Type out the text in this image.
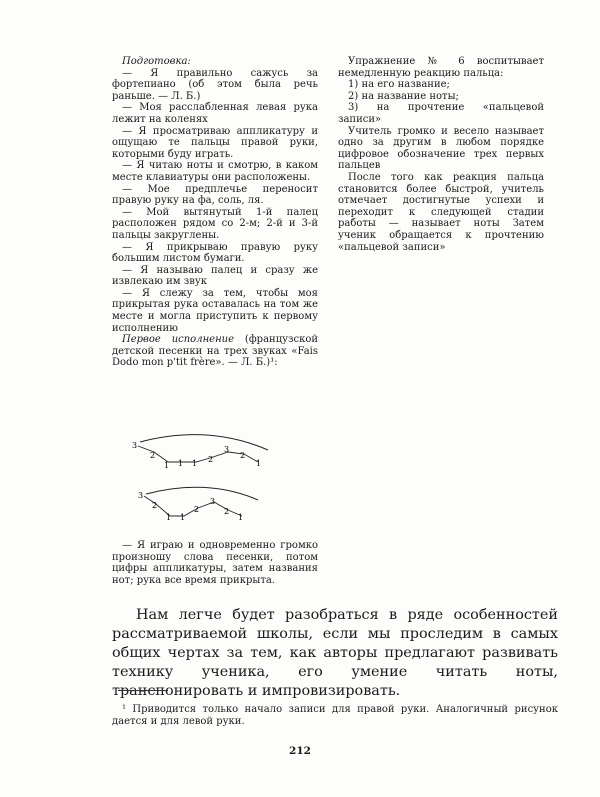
Подготовка:

— Я правильно сажусь за фортепиано (об этом была речь раньше. — Л. Б.)

— Моя расслабленная левая рука лежит на коленях

— Я просматриваю аппликатуру и ощущаю те пальцы правой руки, которыми буду играть.

— Я читаю ноты и смотрю, в каком месте клавиатуры они расположены.

— Мое предплечье переносит правую руку на фа, соль, ля.

— Мой вытянутый 1-й палец расположен рядом со 2-м; 2-й и 3-й пальцы закруглены.

— Я прикрываю правую руку большим листом бумаги.

— Я называю палец и сразу же извлекаю им звук

— Я слежу за тем, чтобы моя прикрытая рука оставалась на том же месте и могла приступить к первому исполнению

Первое исполнение (французской детской песенки на трех звуках «Fais Dodo mon p'tit frère». — Л. Б.)¹:

3
2
1 1 1 2
3
2
1
3
2
1 1
2
3
2
1

— Я играю и одновременно громко произношу слова песенки, потом цифры аппликатуры, затем названия нот; рука все время прикрыта.

Упражнение № 6 воспитывает немедленную реакцию пальца:

1) на его название;

2) на название ноты;

3) на прочтение «пальцевой записи»

Учитель громко и весело называет одно за другим в любом порядке цифровое обозначение трех первых пальцев

После того как реакция пальца становится более быстрой, учитель отмечает достигнутые успехи и переходит к следующей стадии работы — называет ноты Затем ученик обращается к прочтению «пальцевой записи»

Нам легче будет разобраться в ряде особенностей рассматриваемой школы, если мы проследим в самых общих чертах за тем, как авторы предлагают развивать технику ученика, его умение читать ноты, транспонировать и импровизировать.

¹ Приводится только начало записи для правой руки. Аналогичный рисунок дается и для левой руки.

212
